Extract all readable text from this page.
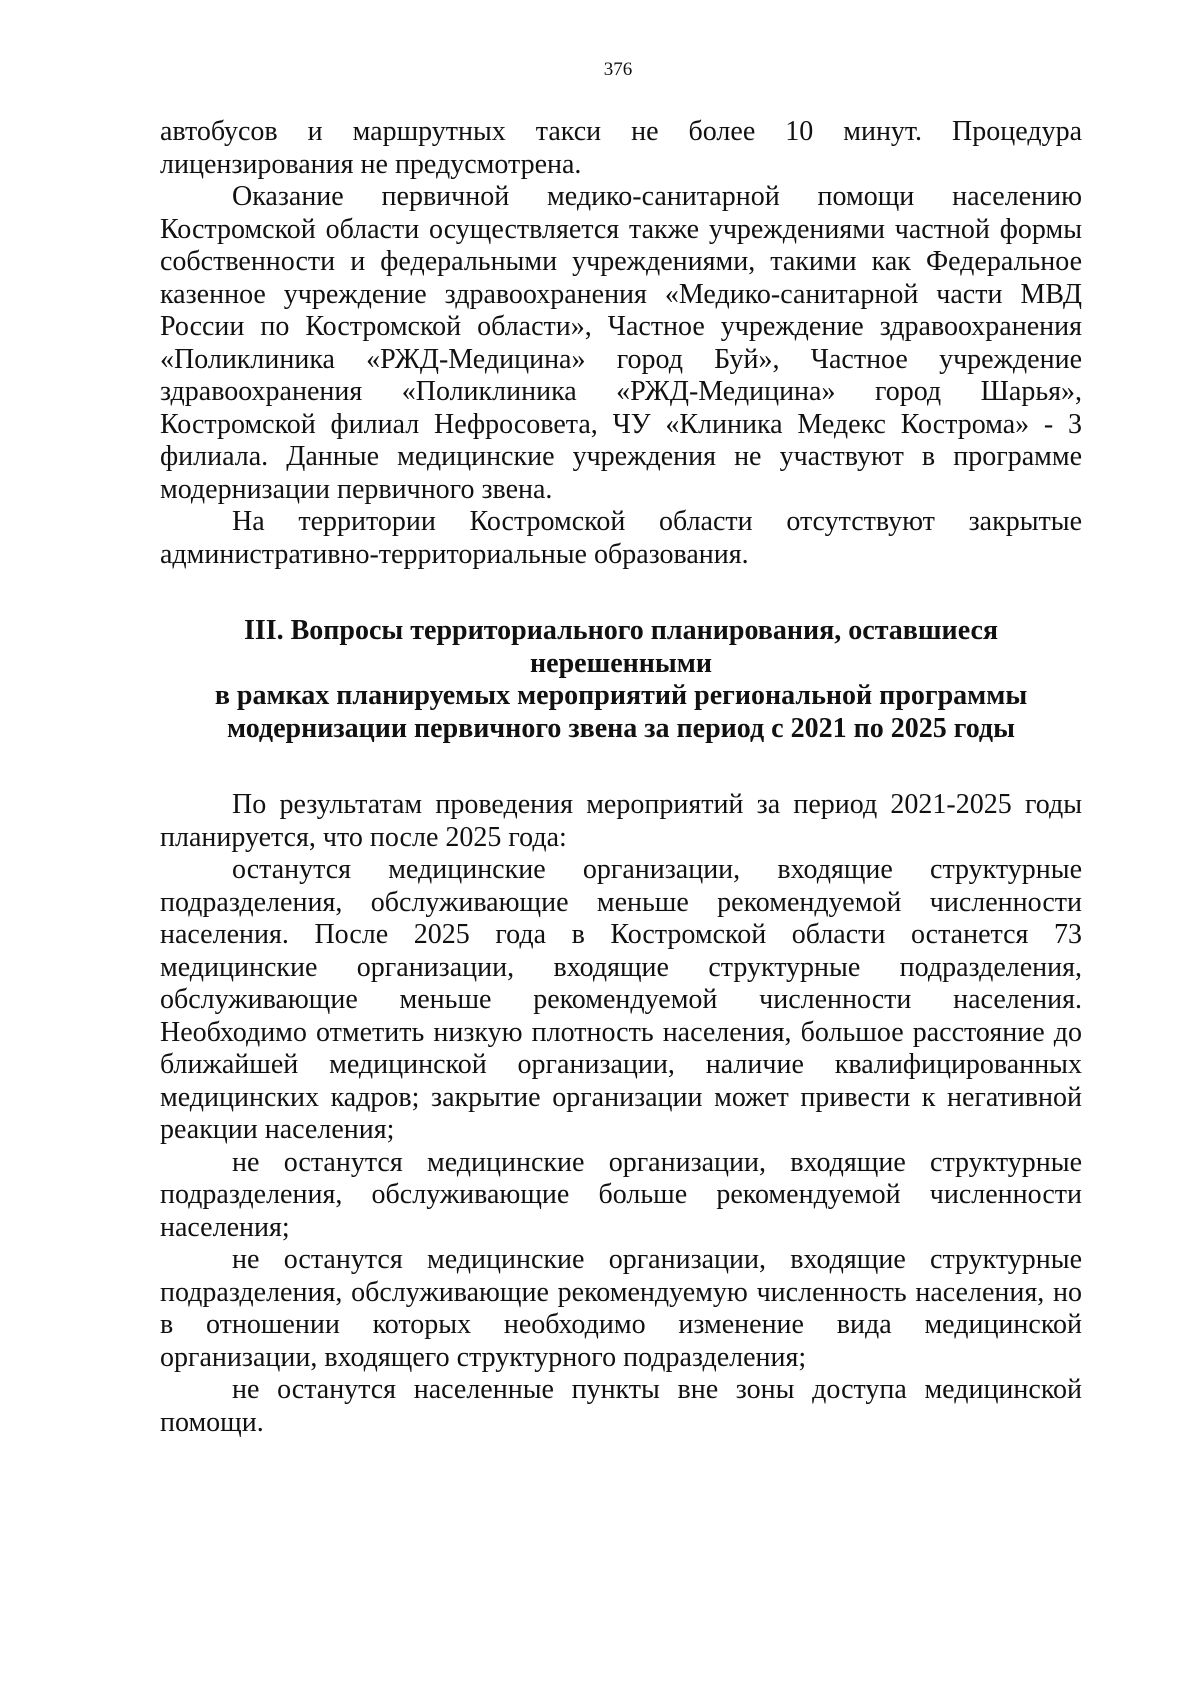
376

автобусов и маршрутных такси не более 10 минут. Процедура лицензирования не предусмотрена.

Оказание первичной медико-санитарной помощи населению Костромской области осуществляется также учреждениями частной формы собственности и федеральными учреждениями, такими как Федеральное казенное учреждение здравоохранения «Медико-санитарной части МВД России по Костромской области», Частное учреждение здравоохранения «Поликлиника «РЖД-Медицина» город Буй», Частное учреждение здравоохранения «Поликлиника «РЖД-Медицина» город Шарья», Костромской филиал Нефросовета, ЧУ «Клиника Медекс Кострома» - 3 филиала. Данные медицинские учреждения не участвуют в программе модернизации первичного звена.

На территории Костромской области отсутствуют закрытые административно-территориальные образования.

III. Вопросы территориального планирования, оставшиеся нерешенными
в рамках планируемых мероприятий региональной программы
модернизации первичного звена за период с 2021 по 2025 годы

По результатам проведения мероприятий за период 2021-2025 годы планируется, что после 2025 года:

останутся медицинские организации, входящие структурные подразделения, обслуживающие меньше рекомендуемой численности населения. После 2025 года в Костромской области останется 73 медицинские организации, входящие структурные подразделения, обслуживающие меньше рекомендуемой численности населения. Необходимо отметить низкую плотность населения, большое расстояние до ближайшей медицинской организации, наличие квалифицированных медицинских кадров; закрытие организации может привести к негативной реакции населения;

не останутся медицинские организации, входящие структурные подразделения, обслуживающие больше рекомендуемой численности населения;

не останутся медицинские организации, входящие структурные подразделения, обслуживающие рекомендуемую численность населения, но в отношении которых необходимо изменение вида медицинской организации, входящего структурного подразделения;

не останутся населенные пункты вне зоны доступа медицинской помощи.
